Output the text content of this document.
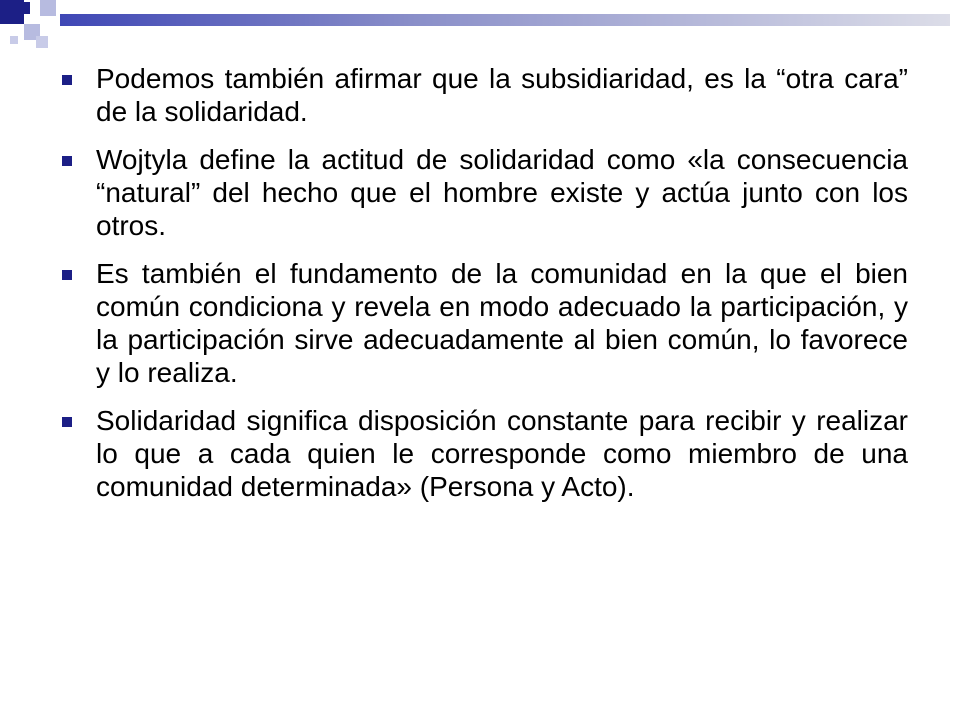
Podemos también afirmar que la subsidiaridad, es la “otra cara” de la solidaridad.
Wojtyla define la actitud de solidaridad como «la consecuencia “natural” del hecho que el hombre existe y actúa junto con los otros.
Es también el fundamento de la comunidad en la que el bien común condiciona y revela en modo adecuado la participación, y la participación sirve adecuadamente al bien común, lo favorece y lo realiza.
Solidaridad significa disposición constante para recibir y realizar lo que a cada quien le corresponde como miembro de una comunidad determinada» (Persona y Acto).
